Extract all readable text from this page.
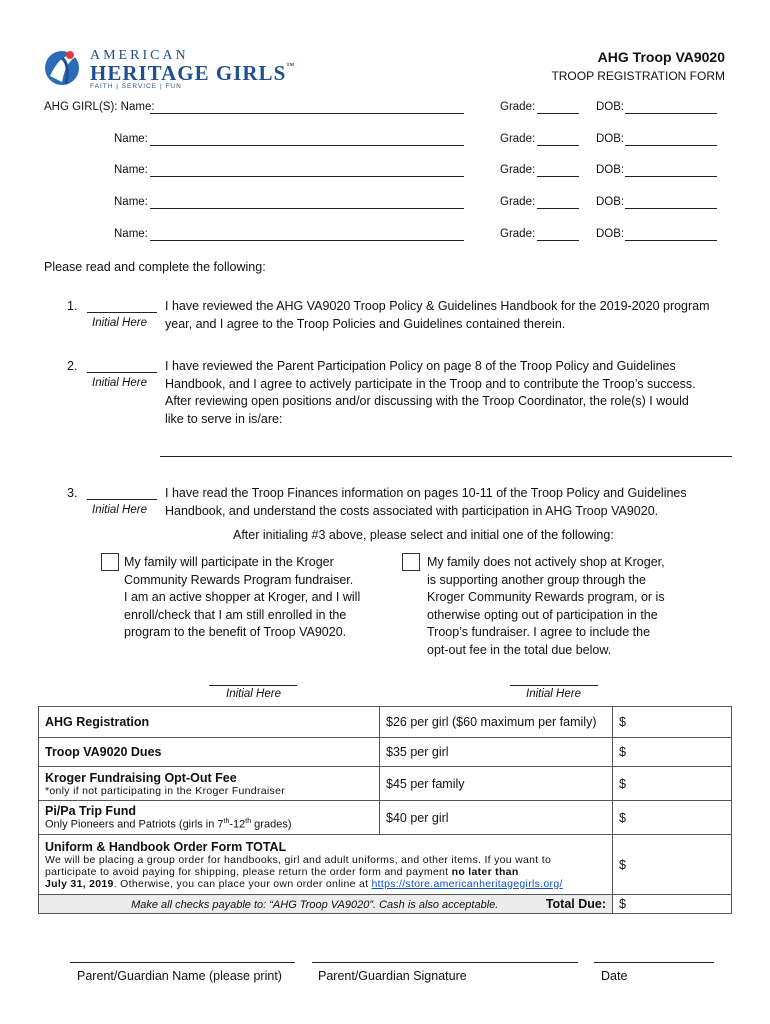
AMERICAN
HERITAGE GIRLS™
FAITH | SERVICE | FUN
AHG Troop VA9020
TROOP REGISTRATION FORM
AHG GIRL(S): Name:	Grade:	DOB:
Name:	Grade:	DOB:
Name:	Grade:	DOB:
Name:	Grade:	DOB:
Name:	Grade:	DOB:
Please read and complete the following:
1.
Initial Here
I have reviewed the AHG VA9020 Troop Policy & Guidelines Handbook for the 2019-2020 program
year, and I agree to the Troop Policies and Guidelines contained therein.
2.
Initial Here
I have reviewed the Parent Participation Policy on page 8 of the Troop Policy and Guidelines
Handbook, and I agree to actively participate in the Troop and to contribute the Troop’s success.
After reviewing open positions and/or discussing with the Troop Coordinator, the role(s) I would
like to serve in is/are:
3.
Initial Here
I have read the Troop Finances information on pages 10-11 of the Troop Policy and Guidelines
Handbook, and understand the costs associated with participation in AHG Troop VA9020.
After initialing #3 above, please select and initial one of the following:
My family will participate in the Kroger
Community Rewards Program fundraiser.
I am an active shopper at Kroger, and I will
enroll/check that I am still enrolled in the
program to the benefit of Troop VA9020.
My family does not actively shop at Kroger,
is supporting another group through the
Kroger Community Rewards program, or is
otherwise opting out of participation in the
Troop’s fundraiser. I agree to include the
opt-out fee in the total due below.
Initial Here	Initial Here
AHG Registration	$26 per girl ($60 maximum per family)	$
Troop VA9020 Dues	$35 per girl	$

Kroger Fundraising Opt-Out Fee
*only if not participating in the Kroger Fundraiser	$45 per family	$

Pi/Pa Trip Fund
Only Pioneers and Patriots (girls in 7th-12th grades)	$40 per girl	$

Uniform & Handbook Order Form TOTAL
We will be placing a group order for handbooks, girl and adult uniforms, and other items. If you want to
participate to avoid paying for shipping, please return the order form and payment no later than
July 31, 2019. Otherwise, you can place your own order online at https://store.americanheritagegirls.org/		$
Make all checks payable to: “AHG Troop VA9020”. Cash is also acceptable. Total Due:		$
Parent/Guardian Name (please print)	Parent/Guardian Signature	Date
